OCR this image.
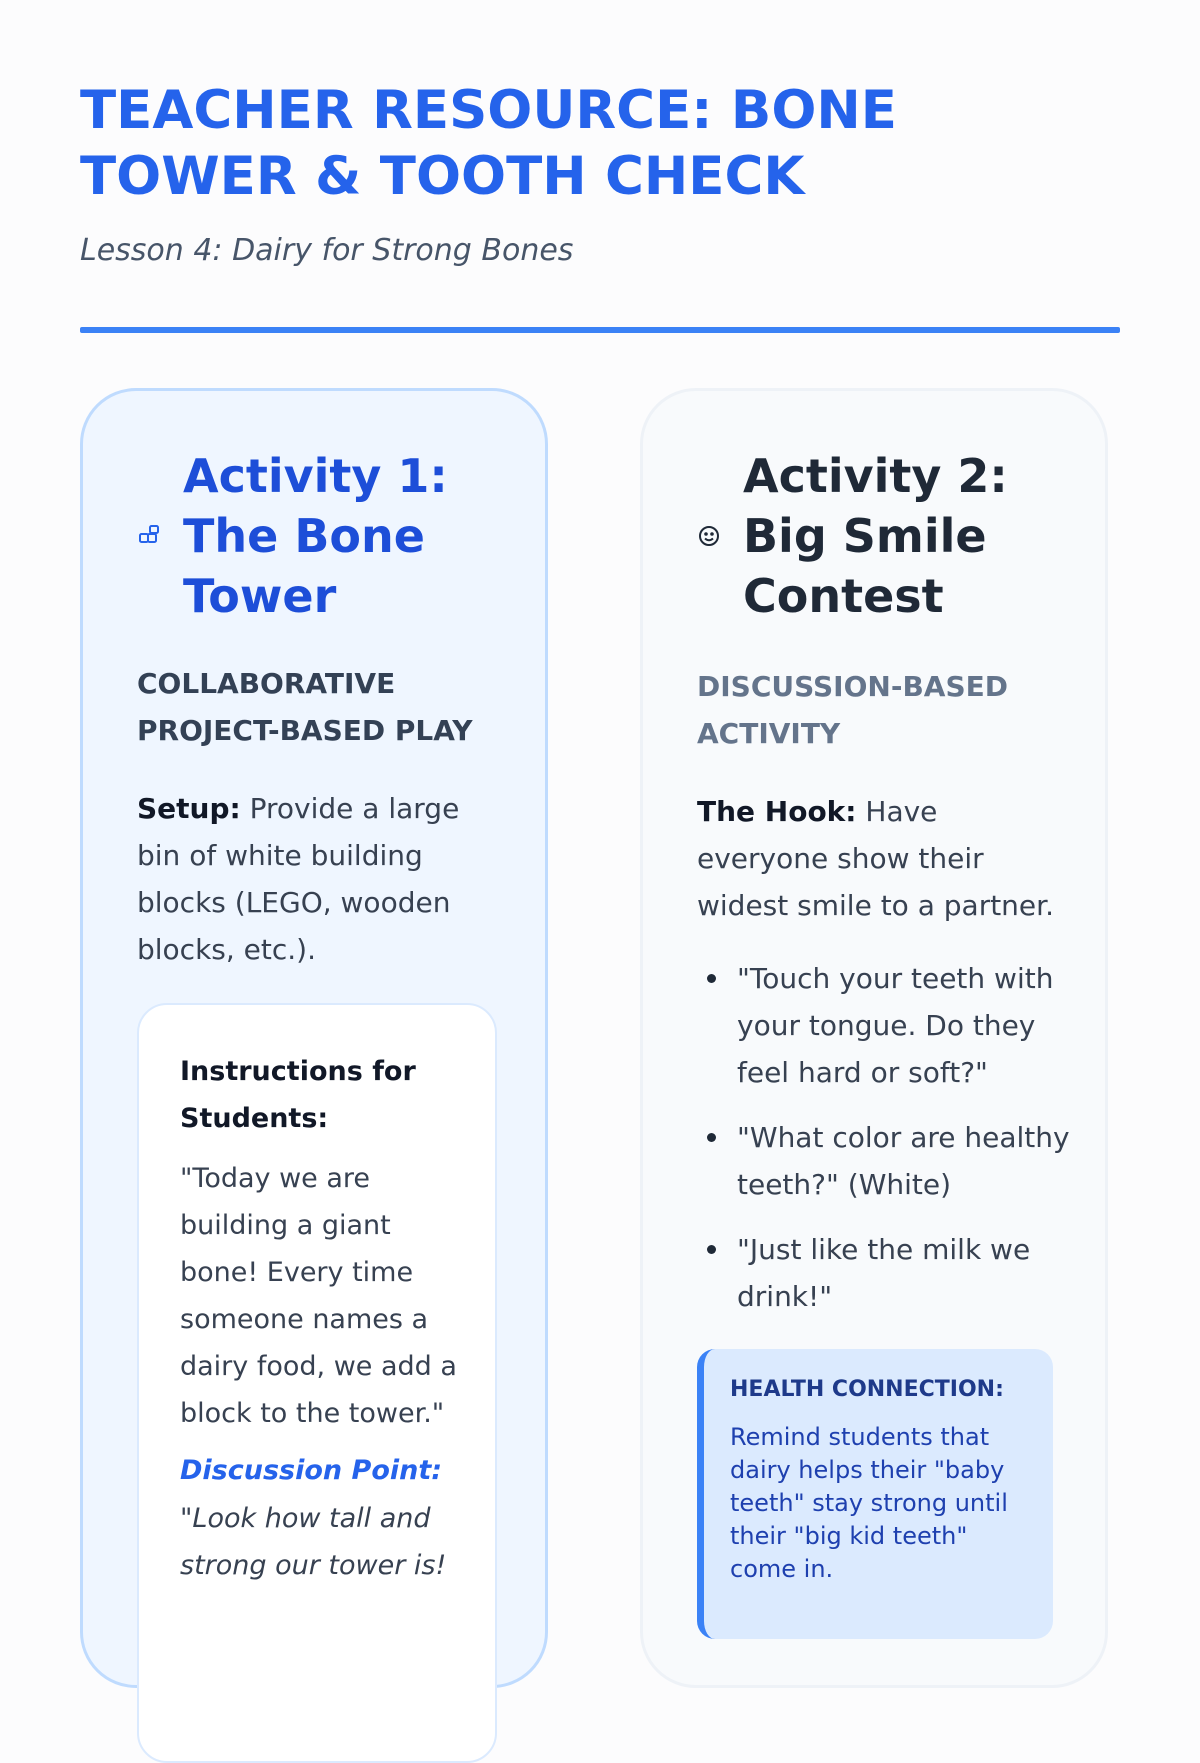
TEACHER RESOURCE: BONE TOWER & TOOTH CHECK
Lesson 4: Dairy for Strong Bones
Activity 1: The Bone Tower
COLLABORATIVE PROJECT-BASED PLAY
Setup: Provide a large bin of white building blocks (LEGO, wooden blocks, etc.).
Instructions for Students:
"Today we are building a giant bone! Every time someone names a dairy food, we add a block to the tower."
Discussion Point:
"Look how tall and strong our tower is!
Activity 2: Big Smile Contest
DISCUSSION-BASED ACTIVITY
The Hook: Have everyone show their widest smile to a partner.
"Touch your teeth with your tongue. Do they feel hard or soft?"
"What color are healthy teeth?" (White)
"Just like the milk we drink!"
HEALTH CONNECTION:
Remind students that dairy helps their "baby teeth" stay strong until their "big kid teeth" come in.
